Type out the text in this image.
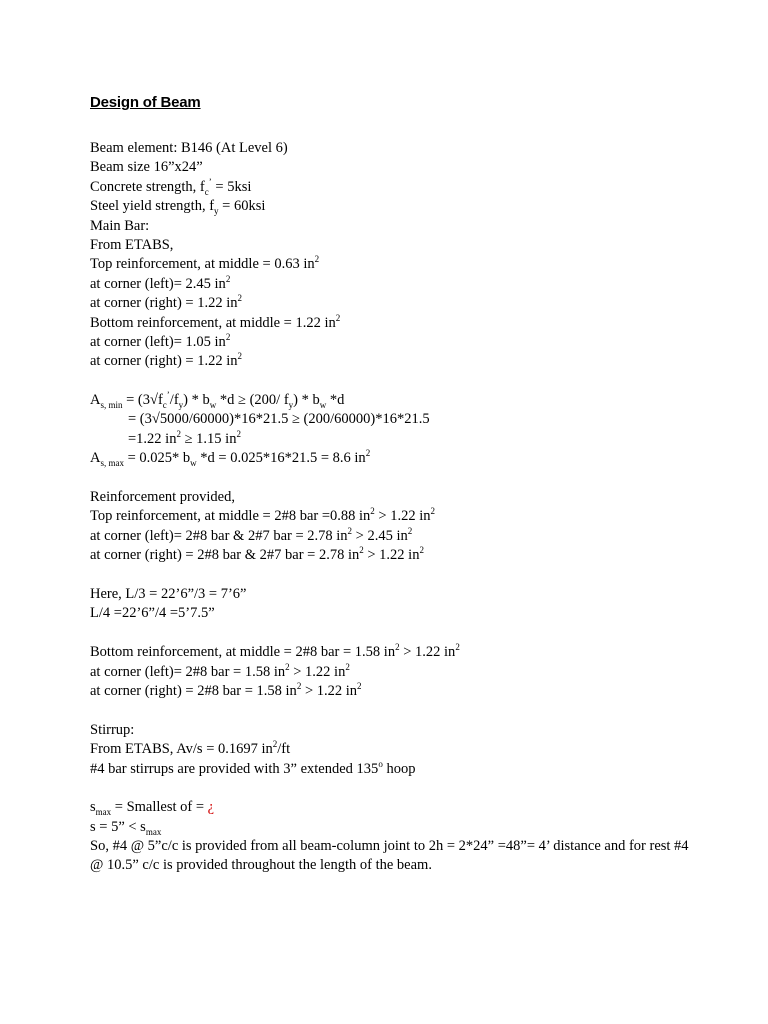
Design of Beam
Beam element: B146 (At Level 6)
Beam size 16”x24”
Concrete strength, $f_c^’ = 5ksi$
Steel yield strength, $f_y = 60ksi$
Main Bar:
From ETABS,
Top reinforcement, at middle = 0.63 $in^2$
at corner (left)= 2.45 $in^2$
at corner (right) = 1.22 $in^2$
Bottom reinforcement, at middle = 1.22 $in^2$
at corner (left)= 1.05 $in^2$
at corner (right) = 1.22 $in^2$
$A_{s, min} = (3√f_c^’/f_y) * b_w$ *d ≥ (200/ $f_y) * b_w$ *d
= (3√5000/60000)*16*21.5 ≥ (200/60000)*16*21.5
=1.22 $in^2 \ge 1.15$ $in^2$
$A_{s, max} = 0.025*$ $b_w$ *d = 0.025*16*21.5 = 8.6 $in^2$
Reinforcement provided,
Top reinforcement, at middle = 2#8 bar =0.88 $in^2 > 1.22$ $in^2$
at corner (left)= 2#8 bar & 2#7 bar = 2.78 $in^2 > 2.45$ $in^2$
at corner (right) = 2#8 bar & 2#7 bar = 2.78 $in^2 > 1.22$ $in^2$
Here, L/3 = 22’6”/3 = 7’6”
L/4 =22’6”/4 =5’7.5”
Bottom reinforcement, at middle = 2#8 bar = 1.58 $in^2 > 1.22$ $in^2$
at corner (left)= 2#8 bar = 1.58 $in^2 > 1.22$ $in^2$
at corner (right) = 2#8 bar = 1.58 $in^2 > 1.22$ $in^2$
Stirrup:
From ETABS, Av/s = 0.1697 $in^2/ft$
#4 bar stirrups are provided with 3” extended 135$^o$ hoop
$s_{max}$ = Smallest of = ¿
s = 5” < $s_{max}$
So, #4 @ 5”c/c is provided from all beam-column joint to 2h = 2*24” =48”= 4’ distance and for rest #4 @ 10.5” c/c is provided throughout the length of the beam.
